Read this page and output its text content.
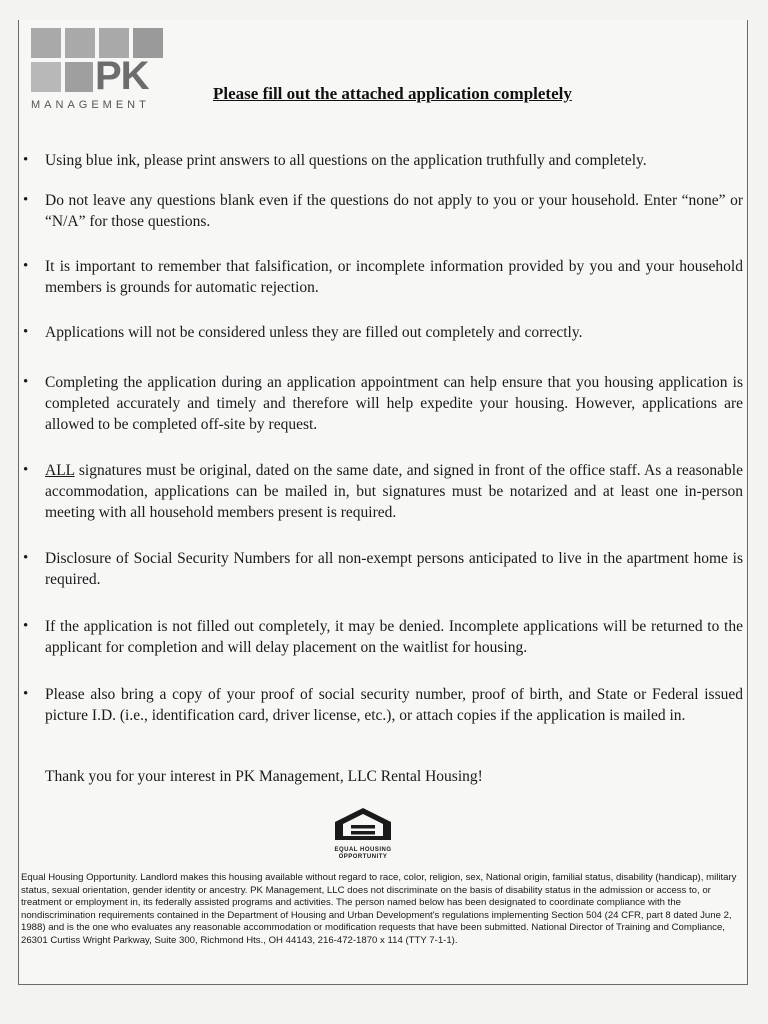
PK
MANAGEMENT
Please fill out the attached application completely
• Using blue ink, please print answers to all questions on the application truthfully and completely.
• Do not leave any questions blank even if the questions do not apply to you or your household. Enter “none” or “N/A” for those questions.
• It is important to remember that falsification, or incomplete information provided by you and your household members is grounds for automatic rejection.
• Applications will not be considered unless they are filled out completely and correctly.
• Completing the application during an application appointment can help ensure that you housing application is completed accurately and timely and therefore will help expedite your housing. However, applications are allowed to be completed off-site by request.
• ALL signatures must be original, dated on the same date, and signed in front of the office staff. As a reasonable accommodation, applications can be mailed in, but signatures must be notarized and at least one in-person meeting with all household members present is required.
• Disclosure of Social Security Numbers for all non-exempt persons anticipated to live in the apartment home is required.
• If the application is not filled out completely, it may be denied. Incomplete applications will be returned to the applicant for completion and will delay placement on the waitlist for housing.
• Please also bring a copy of your proof of social security number, proof of birth, and State or Federal issued picture I.D. (i.e., identification card, driver license, etc.), or attach copies if the application is mailed in.
Thank you for your interest in PK Management, LLC Rental Housing!
EQUAL HOUSING
OPPORTUNITY
Equal Housing Opportunity. Landlord makes this housing available without regard to race, color, religion, sex, National origin, familial status, disability (handicap), military status, sexual orientation, gender identity or ancestry. PK Management, LLC does not discriminate on the basis of disability status in the admission or access to, or treatment or employment in, its federally assisted programs and activities. The person named below has been designated to coordinate compliance with the nondiscrimination requirements contained in the Department of Housing and Urban Development's regulations implementing Section 504 (24 CFR, part 8 dated June 2, 1988) and is the one who evaluates any reasonable accommodation or modification requests that have been submitted. National Director of Training and Compliance, 26301 Curtiss Wright Parkway, Suite 300, Richmond Hts., OH 44143, 216-472-1870 x 114 (TTY 7-1-1).
